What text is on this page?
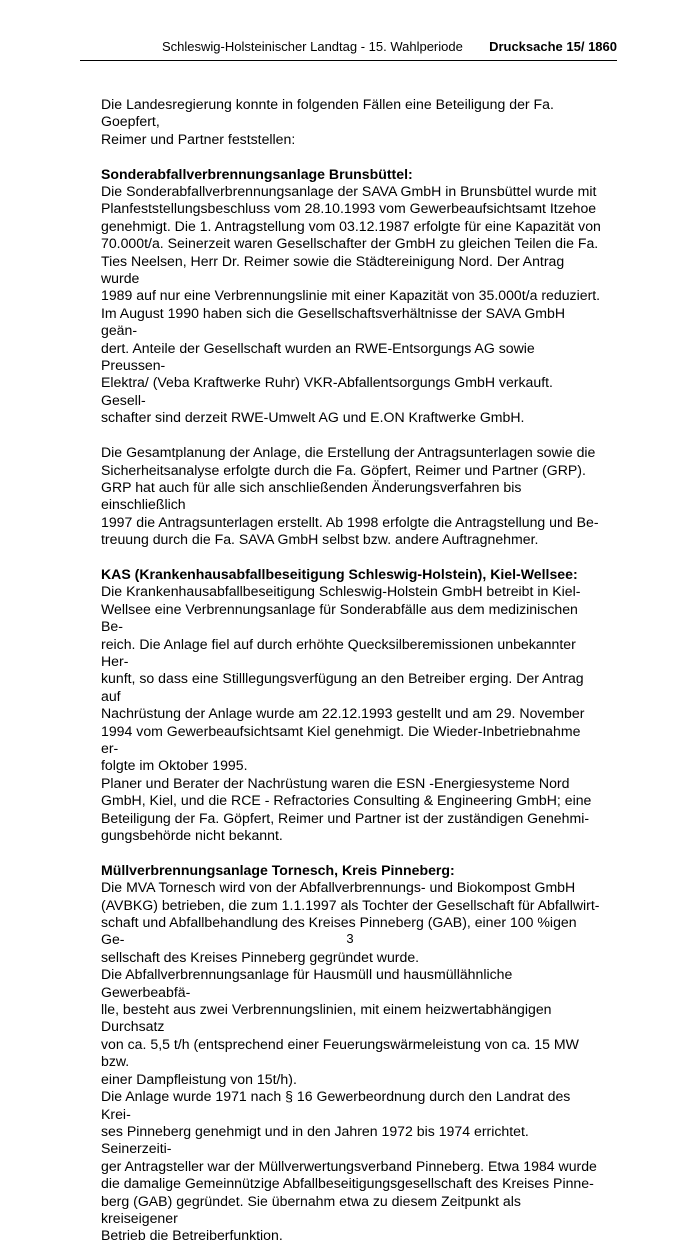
Schleswig-Holsteinischer Landtag - 15. Wahlperiode Drucksache 15/ 1860

Die Landesregierung konnte in folgenden Fällen eine Beteiligung der Fa. Goepfert,
Reimer und Partner feststellen:

Sonderabfallverbrennungsanlage Brunsbüttel:

Die Sonderabfallverbrennungsanlage der SAVA GmbH in Brunsbüttel wurde mit
Planfeststellungsbeschluss vom 28.10.1993 vom Gewerbeaufsichtsamt Itzehoe
genehmigt. Die 1. Antragstellung vom 03.12.1987 erfolgte für eine Kapazität von
70.000t/a. Seinerzeit waren Gesellschafter der GmbH zu gleichen Teilen die Fa.
Ties Neelsen, Herr Dr. Reimer sowie die Städtereinigung Nord. Der Antrag wurde
1989 auf nur eine Verbrennungslinie mit einer Kapazität von 35.000t/a reduziert.
Im August 1990 haben sich die Gesellschaftsverhältnisse der SAVA GmbH geän-
dert. Anteile der Gesellschaft wurden an RWE-Entsorgungs AG sowie Preussen-
Elektra/ (Veba Kraftwerke Ruhr) VKR-Abfallentsorgungs GmbH verkauft. Gesell-
schafter sind derzeit RWE-Umwelt AG und E.ON Kraftwerke GmbH.

Die Gesamtplanung der Anlage, die Erstellung der Antragsunterlagen sowie die
Sicherheitsanalyse erfolgte durch die Fa. Göpfert, Reimer und Partner (GRP).
GRP hat auch für alle sich anschließenden Änderungsverfahren bis einschließlich
1997 die Antragsunterlagen erstellt. Ab 1998 erfolgte die Antragstellung und Be-
treuung durch die Fa. SAVA GmbH selbst bzw. andere Auftragnehmer.

KAS (Krankenhausabfallbeseitigung Schleswig-Holstein), Kiel-Wellsee:

Die Krankenhausabfallbeseitigung Schleswig-Holstein GmbH betreibt in Kiel-
Wellsee eine Verbrennungsanlage für Sonderabfälle aus dem medizinischen Be-
reich. Die Anlage fiel auf durch erhöhte Quecksilberemissionen unbekannter Her-
kunft, so dass eine Stilllegungsverfügung an den Betreiber erging. Der Antrag auf
Nachrüstung der Anlage wurde am 22.12.1993 gestellt und am 29. November
1994 vom Gewerbeaufsichtsamt Kiel genehmigt. Die Wieder-Inbetriebnahme er-
folgte im Oktober 1995.

Planer und Berater der Nachrüstung waren die ESN -Energiesysteme Nord
GmbH, Kiel, und die RCE - Refractories Consulting & Engineering GmbH; eine
Beteiligung der Fa. Göpfert, Reimer und Partner ist der zuständigen Genehmi-
gungsbehörde nicht bekannt.

Müllverbrennungsanlage Tornesch, Kreis Pinneberg:

Die MVA Tornesch wird von der Abfallverbrennungs- und Biokompost GmbH
(AVBKG) betrieben, die zum 1.1.1997 als Tochter der Gesellschaft für Abfallwirt-
schaft und Abfallbehandlung des Kreises Pinneberg (GAB), einer 100 %igen Ge-
sellschaft des Kreises Pinneberg gegründet wurde.

Die Abfallverbrennungsanlage für Hausmüll und hausmüllähnliche Gewerbeabfä-
lle, besteht aus zwei Verbrennungslinien, mit einem heizwertabhängigen Durchsatz
von ca. 5,5 t/h (entsprechend einer Feuerungswärmeleistung von ca. 15 MW bzw.
einer Dampfleistung von 15t/h).

Die Anlage wurde 1971 nach § 16 Gewerbeordnung durch den Landrat des Krei-
ses Pinneberg genehmigt und in den Jahren 1972 bis 1974 errichtet. Seinerzeiti-
ger Antragsteller war der Müllverwertungsverband Pinneberg. Etwa 1984 wurde
die damalige Gemeinnützige Abfallbeseitigungsgesellschaft des Kreises Pinne-
berg (GAB) gegründet. Sie übernahm etwa zu diesem Zeitpunkt als kreiseigener
Betrieb die Betreiberfunktion.

3
